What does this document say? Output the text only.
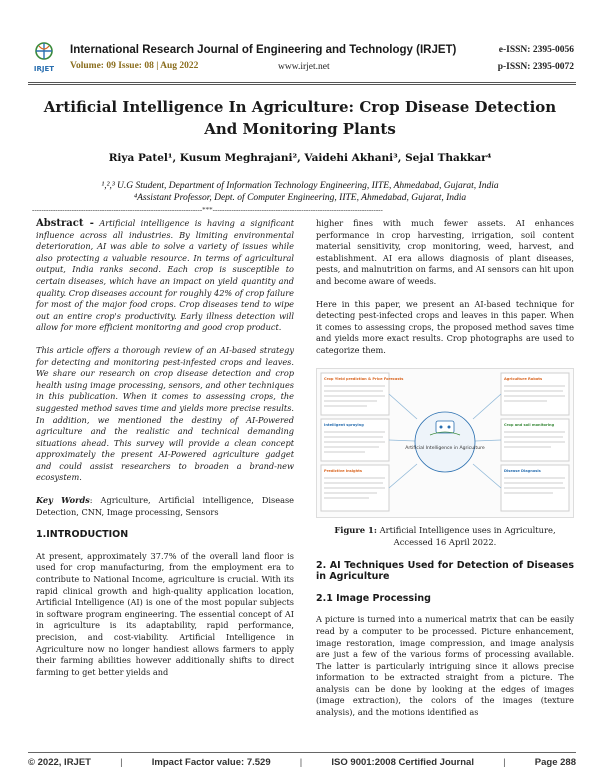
IRJET
International Research Journal of Engineering and Technology (IRJET)
Volume: 09 Issue: 08 | Aug 2022	www.irjet.net
e-ISSN: 2395-0056
p-ISSN: 2395-0072
Artificial Intelligence In Agriculture: Crop Disease Detection And Monitoring Plants
Riya Patel¹, Kusum Meghrajani², Vaidehi Akhani³, Sejal Thakkar⁴
¹,²,³ U.G Student, Department of Information Technology Engineering, IITE, Ahmedabad, Gujarat, India
⁴Assistant Professor, Dept. of Computer Engineering, IITE, Ahmedabad, Gujarat, India
-------------------------------------------------------------------------***-------------------------------------------------------------------------

Abstract - Artificial intelligence is having a significant influence across all industries. By limiting environmental deterioration, AI was able to solve a variety of issues while also protecting a valuable resource. In terms of agricultural output, India ranks second. Each crop is susceptible to certain diseases, which have an impact on yield quantity and quality. Crop diseases account for roughly 42% of crop failure for most of the major food crops. Crop diseases tend to wipe out an entire crop's productivity. Early illness detection will allow for more efficient monitoring and good crop product.

This article offers a thorough review of an AI-based strategy for detecting and monitoring pest-infested crops and leaves. We share our research on crop disease detection and crop health using image processing, sensors, and other techniques in this publication. When it comes to assessing crops, the suggested method saves time and yields more precise results. In addition, we mentioned the destiny of AI-Powered agriculture and the realistic and technical demanding situations ahead. This survey will provide a clean concept approximately the present AI-Powered agriculture gadget and could assist researchers to broaden a brand-new ecosystem.

Key Words: Agriculture, Artificial intelligence, Disease Detection, CNN, Image processing, Sensors

1.INTRODUCTION

At present, approximately 37.7% of the overall land floor is used for crop manufacturing, from the employment era to contribute to National Income, agriculture is crucial. With its rapid clinical growth and high-quality application location, Artificial Intelligence (AI) is one of the most popular subjects in software program engineering. The essential concept of AI in agriculture is its adaptability, rapid performance, precision, and cost-viability. Artificial Intelligence in Agriculture now no longer handiest allows farmers to apply their farming abilities however additionally shifts to direct farming to get better yields and

higher fines with much fewer assets. AI enhances performance in crop harvesting, irrigation, soil content material sensitivity, crop monitoring, weed, harvest, and establishment. AI era allows diagnosis of plant diseases, pests, and malnutrition on farms, and AI sensors can hit upon and become aware of weeds.

Here in this paper, we present an AI-based technique for detecting pest-infected crops and leaves in this paper. When it comes to assessing crops, the proposed method saves time and yields more exact results. Crop photographs are used to categorize them.

Crop Yield prediction & Price Forecasts
Intelligent spraying
Predictive Insights
Agriculture Robots
Crop and soil monitoring
Disease Diagnosis
Artificial Intelligence in Agriculture
Figure 1: Artificial Intelligence uses in Agriculture, Accessed 16 April 2022.
2. AI Techniques Used for Detection of Diseases in Agriculture
2.1 Image Processing

A picture is turned into a numerical matrix that can be easily read by a computer to be processed. Picture enhancement, image restoration, image compression, and image analysis are just a few of the various forms of processing available. The latter is particularly intriguing since it allows precise information to be extracted straight from a picture. The analysis can be done by looking at the edges of images (image extraction), the colors of the images (texture analysis), and the motions identified as

© 2022, IRJET	|	Impact Factor value: 7.529	|	ISO 9001:2008 Certified Journal	|	Page 288
